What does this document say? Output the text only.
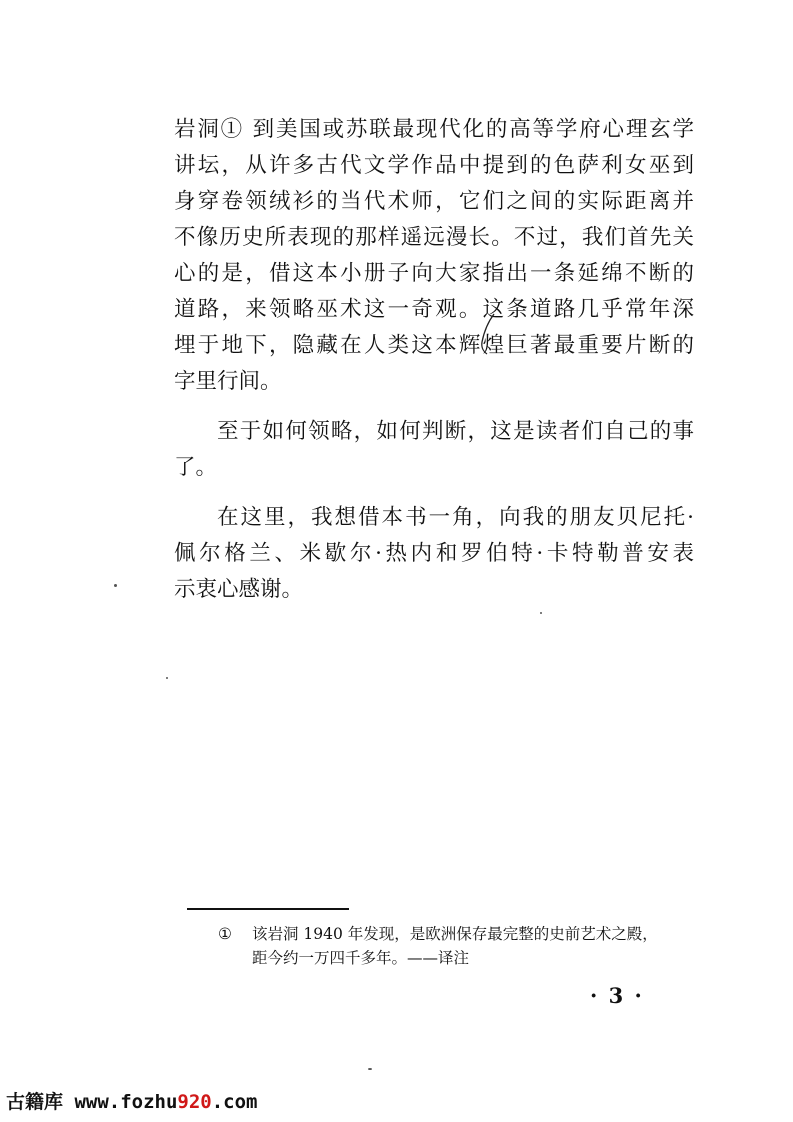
岩洞① 到美国或苏联最现代化的高等学府心理玄学
讲坛，从许多古代文学作品中提到的色萨利女巫到
身穿卷领绒衫的当代术师，它们之间的实际距离并
不像历史所表现的那样遥远漫长。不过，我们首先关
心的是，借这本小册子向大家指出一条延绵不断的
道路，来领略巫术这一奇观。这条道路几乎常年深
埋于地下，隐藏在人类这本辉煌巨著最重要片断的
字里行间。
至于如何领略，如何判断，这是读者们自己的事
了。
在这里，我想借本书一角，向我的朋友贝尼托·
佩尔格兰、米歇尔·热内和罗伯特·卡特勒普安表
示衷心感谢。
① 该岩洞 1940 年发现，是欧洲保存最完整的史前艺术之殿，
距今约一万四千多年。——译注
· 3 ·
古籍库 www.fozhu920.com
